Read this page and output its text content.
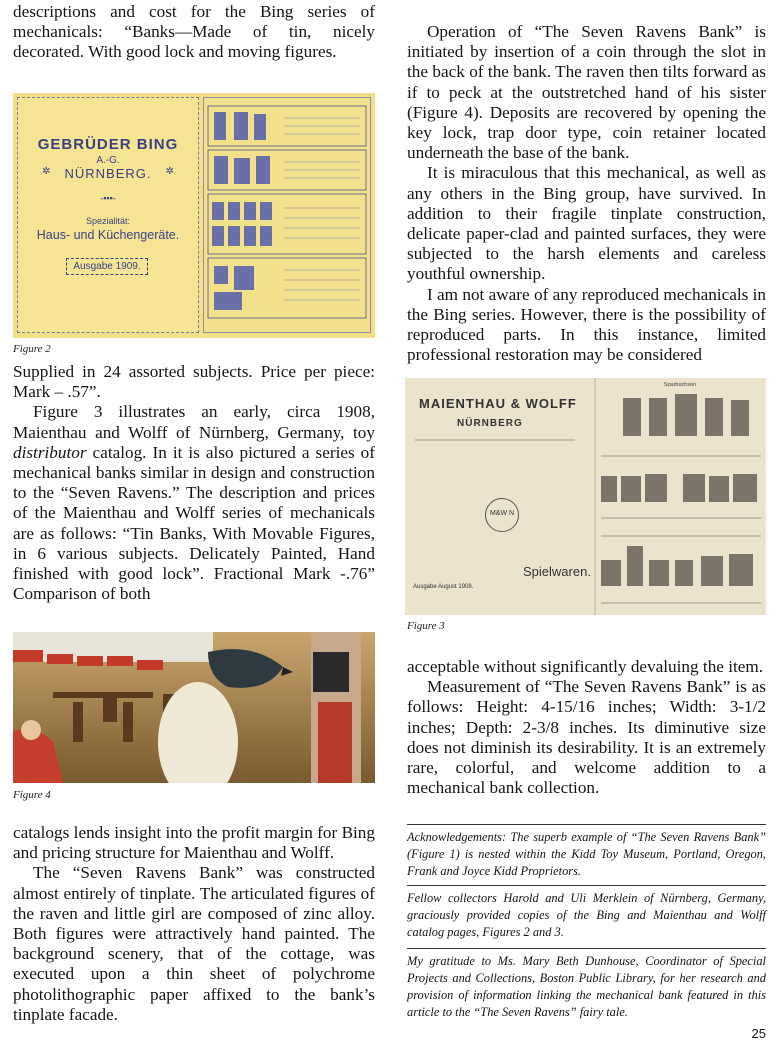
descriptions and cost for the Bing series of mechanicals: “Banks—Made of tin, nicely decorated. With good lock and moving figures.

GEBRÜDER BING
A.-G.
✲	NÜRNBERG.	✲
-▪▪▪-
Spezialität:
Haus- und Küchengeräte.
Ausgabe 1909.
Figure 2

Supplied in 24 assorted subjects. Price per piece: Mark – .57”.

Figure 3 illustrates an early, circa 1908, Maienthau and Wolff of Nürnberg, Germany, toy distributor catalog. In it is also pictured a series of mechanical banks similar in design and construction to the “Seven Ravens.” The description and prices of the Maienthau and Wolff series of mechanicals are as follows: “Tin Banks, With Movable Figures, in 6 various subjects. Delicately Painted, Hand finished with good lock”. Fractional Mark -.76” Comparison of both

Figure 4

catalogs lends insight into the profit margin for Bing and pricing structure for Maienthau and Wolff.

The “Seven Ravens Bank” was constructed almost entirely of tinplate. The articulated figures of the raven and little girl are composed of zinc alloy. Both figures were attractively hand painted. The background scenery, that of the cottage, was executed upon a thin sheet of polychrome photolithographic paper affixed to the bank’s tinplate facade.

Operation of “The Seven Ravens Bank” is initiated by insertion of a coin through the slot in the back of the bank. The raven then tilts forward as if to peck at the outstretched hand of his sister (Figure 4). Deposits are recovered by opening the key lock, trap door type, coin retainer located underneath the base of the bank.

It is miraculous that this mechanical, as well as any others in the Bing group, have survived. In addition to their fragile tinplate construction, delicate paper-clad and painted surfaces, they were subjected to the harsh elements and careless youthful ownership.

I am not aware of any reproduced mechanicals in the Bing series. However, there is the possibility of reproduced parts. In this instance, limited professional restoration may be considered

MAIENTHAU & WOLFF
NÜRNBERG
M&W N
Spielwaren.
Ausgabe August 1908.
Sparbüchsen
Figure 3

acceptable without significantly devaluing the item.

Measurement of “The Seven Ravens Bank” is as follows: Height: 4-15/16 inches; Width: 3-1/2 inches; Depth: 2-3/8 inches. Its diminutive size does not diminish its desirability. It is an extremely rare, colorful, and welcome addition to a mechanical bank collection.

Acknowledgements: The superb example of “The Seven Ravens Bank” (Figure 1) is nested within the Kidd Toy Museum, Portland, Oregon, Frank and Joyce Kidd Proprietors.
Fellow collectors Harold and Uli Merklein of Nürnberg, Germany, graciously provided copies of the Bing and Maienthau and Wolff catalog pages, Figures 2 and 3.
My gratitude to Ms. Mary Beth Dunhouse, Coordinator of Special Projects and Collections, Boston Public Library, for her research and provision of information linking the mechanical bank featured in this article to the “The Seven Ravens” fairy tale.
25
